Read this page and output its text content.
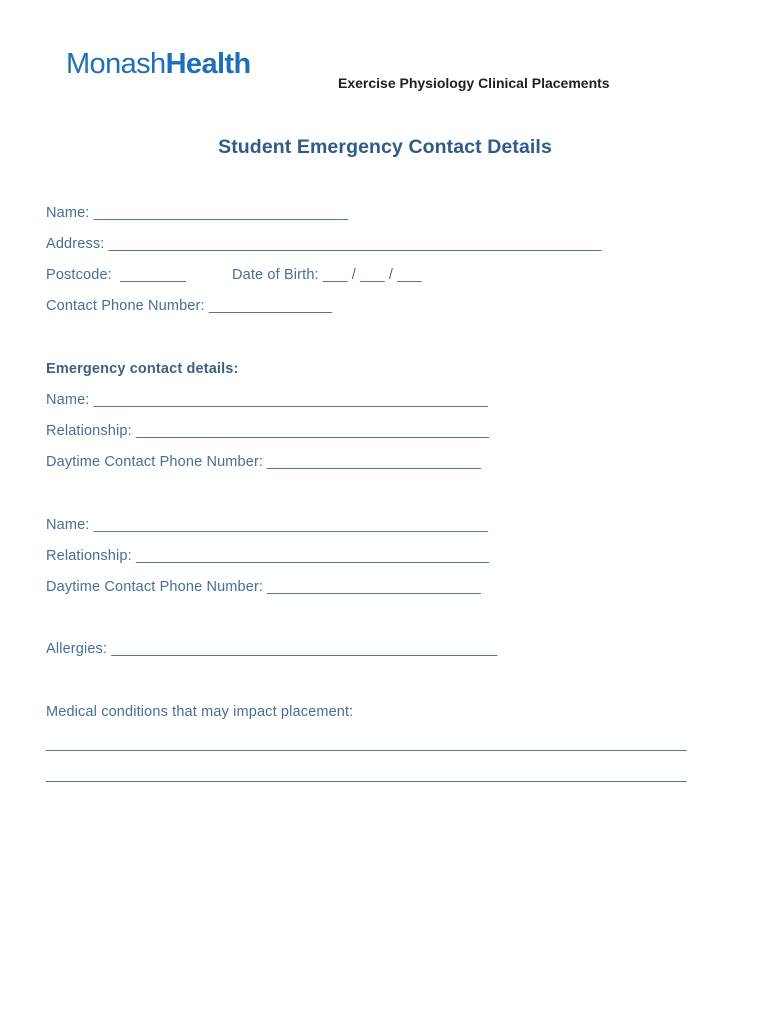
MonashHealth
Exercise Physiology Clinical Placements
Student Emergency Contact Details
Name: _______________________________
Address: ____________________________________________________________
Postcode:  ________	Date of Birth: ___ / ___ / ___
Contact Phone Number: _______________
Emergency contact details:
Name: ________________________________________________
Relationship: ___________________________________________
Daytime Contact Phone Number: __________________________
Name: ________________________________________________
Relationship: ___________________________________________
Daytime Contact Phone Number: __________________________
Allergies: _______________________________________________
Medical conditions that may impact placement:
______________________________________________________________________________
______________________________________________________________________________
